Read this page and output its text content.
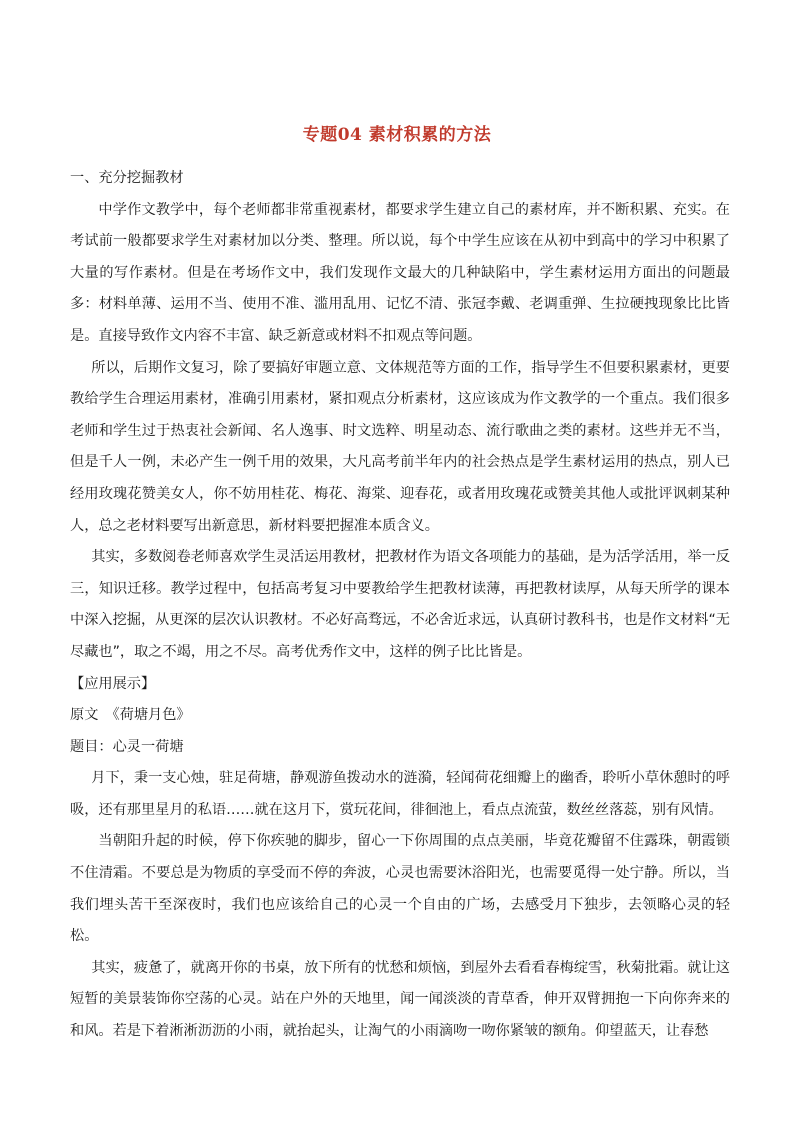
专题04 素材积累的方法

一、充分挖掘教材

中学作文教学中，每个老师都非常重视素材，都要求学生建立自己的素材库，并不断积累、充实。在考试前一般都要求学生对素材加以分类、整理。所以说，每个中学生应该在从初中到高中的学习中积累了大量的写作素材。但是在考场作文中，我们发现作文最大的几种缺陷中，学生素材运用方面出的问题最多：材料单薄、运用不当、使用不准、滥用乱用、记忆不清、张冠李戴、老调重弹、生拉硬拽现象比比皆是。直接导致作文内容不丰富、缺乏新意或材料不扣观点等问题。

所以，后期作文复习，除了要搞好审题立意、文体规范等方面的工作，指导学生不但要积累素材，更要教给学生合理运用素材，准确引用素材，紧扣观点分析素材，这应该成为作文教学的一个重点。我们很多老师和学生过于热衷社会新闻、名人逸事、时文选粹、明星动态、流行歌曲之类的素材。这些并无不当，但是千人一例，未必产生一例千用的效果，大凡高考前半年内的社会热点是学生素材运用的热点，别人已经用玫瑰花赞美女人，你不妨用桂花、梅花、海棠、迎春花，或者用玫瑰花或赞美其他人或批评讽刺某种人，总之老材料要写出新意思，新材料要把握准本质含义。

其实，多数阅卷老师喜欢学生灵活运用教材，把教材作为语文各项能力的基础，是为活学活用，举一反三，知识迁移。教学过程中，包括高考复习中要教给学生把教材读薄，再把教材读厚，从每天所学的课本中深入挖掘，从更深的层次认识教材。不必好高骛远，不必舍近求远，认真研讨教科书，也是作文材料“无尽藏也”，取之不竭，用之不尽。高考优秀作文中，这样的例子比比皆是。

【应用展示】

原文 《荷塘月色》

题目：心灵一荷塘

月下，秉一支心烛，驻足荷塘，静观游鱼拨动水的涟漪，轻闻荷花细瓣上的幽香，聆听小草休憩时的呼吸，还有那里星月的私语……就在这月下，赏玩花间，徘徊池上，看点点流萤，数丝丝落蕊，别有风情。

当朝阳升起的时候，停下你疾驰的脚步，留心一下你周围的点点美丽，毕竟花瓣留不住露珠，朝霞锁不住清霜。不要总是为物质的享受而不停的奔波，心灵也需要沐浴阳光，也需要觅得一处宁静。所以，当我们埋头苦干至深夜时，我们也应该给自己的心灵一个自由的广场，去感受月下独步，去领略心灵的轻松。

其实，疲惫了，就离开你的书桌，放下所有的忧愁和烦恼，到屋外去看看春梅绽雪，秋菊批霜。就让这短暂的美景装饰你空荡的心灵。站在户外的天地里，闻一闻淡淡的青草香，伸开双臂拥抱一下向你奔来的和风。若是下着淅淅沥沥的小雨，就抬起头，让淘气的小雨滴吻一吻你紧皱的额角。仰望蓝天，让春愁
